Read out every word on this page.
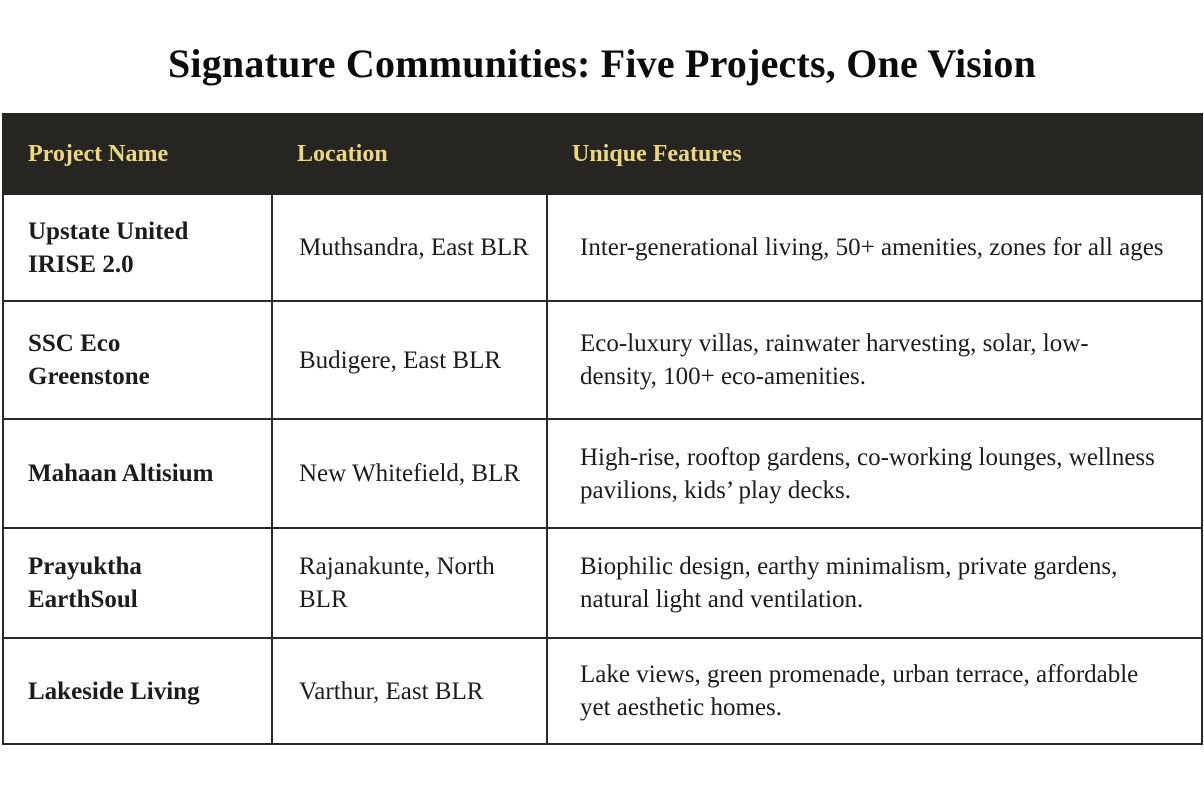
Signature Communities: Five Projects, One Vision
Project Name	Location	Unique Features
Upstate United IRISE 2.0	Muthsandra, East BLR	Inter-generational living, 50+ amenities, zones for all ages
SSC Eco Greenstone	Budigere, East BLR	Eco-luxury villas, rainwater harvesting, solar, low-density, 100+ eco-amenities.
Mahaan Altisium	New Whitefield, BLR	High-rise, rooftop gardens, co-working lounges, wellness pavilions, kids’ play decks.
Prayuktha EarthSoul	Rajanakunte, North BLR	Biophilic design, earthy minimalism, private gardens, natural light and ventilation.
Lakeside Living	Varthur, East BLR	Lake views, green promenade, urban terrace, affordable yet aesthetic homes.
